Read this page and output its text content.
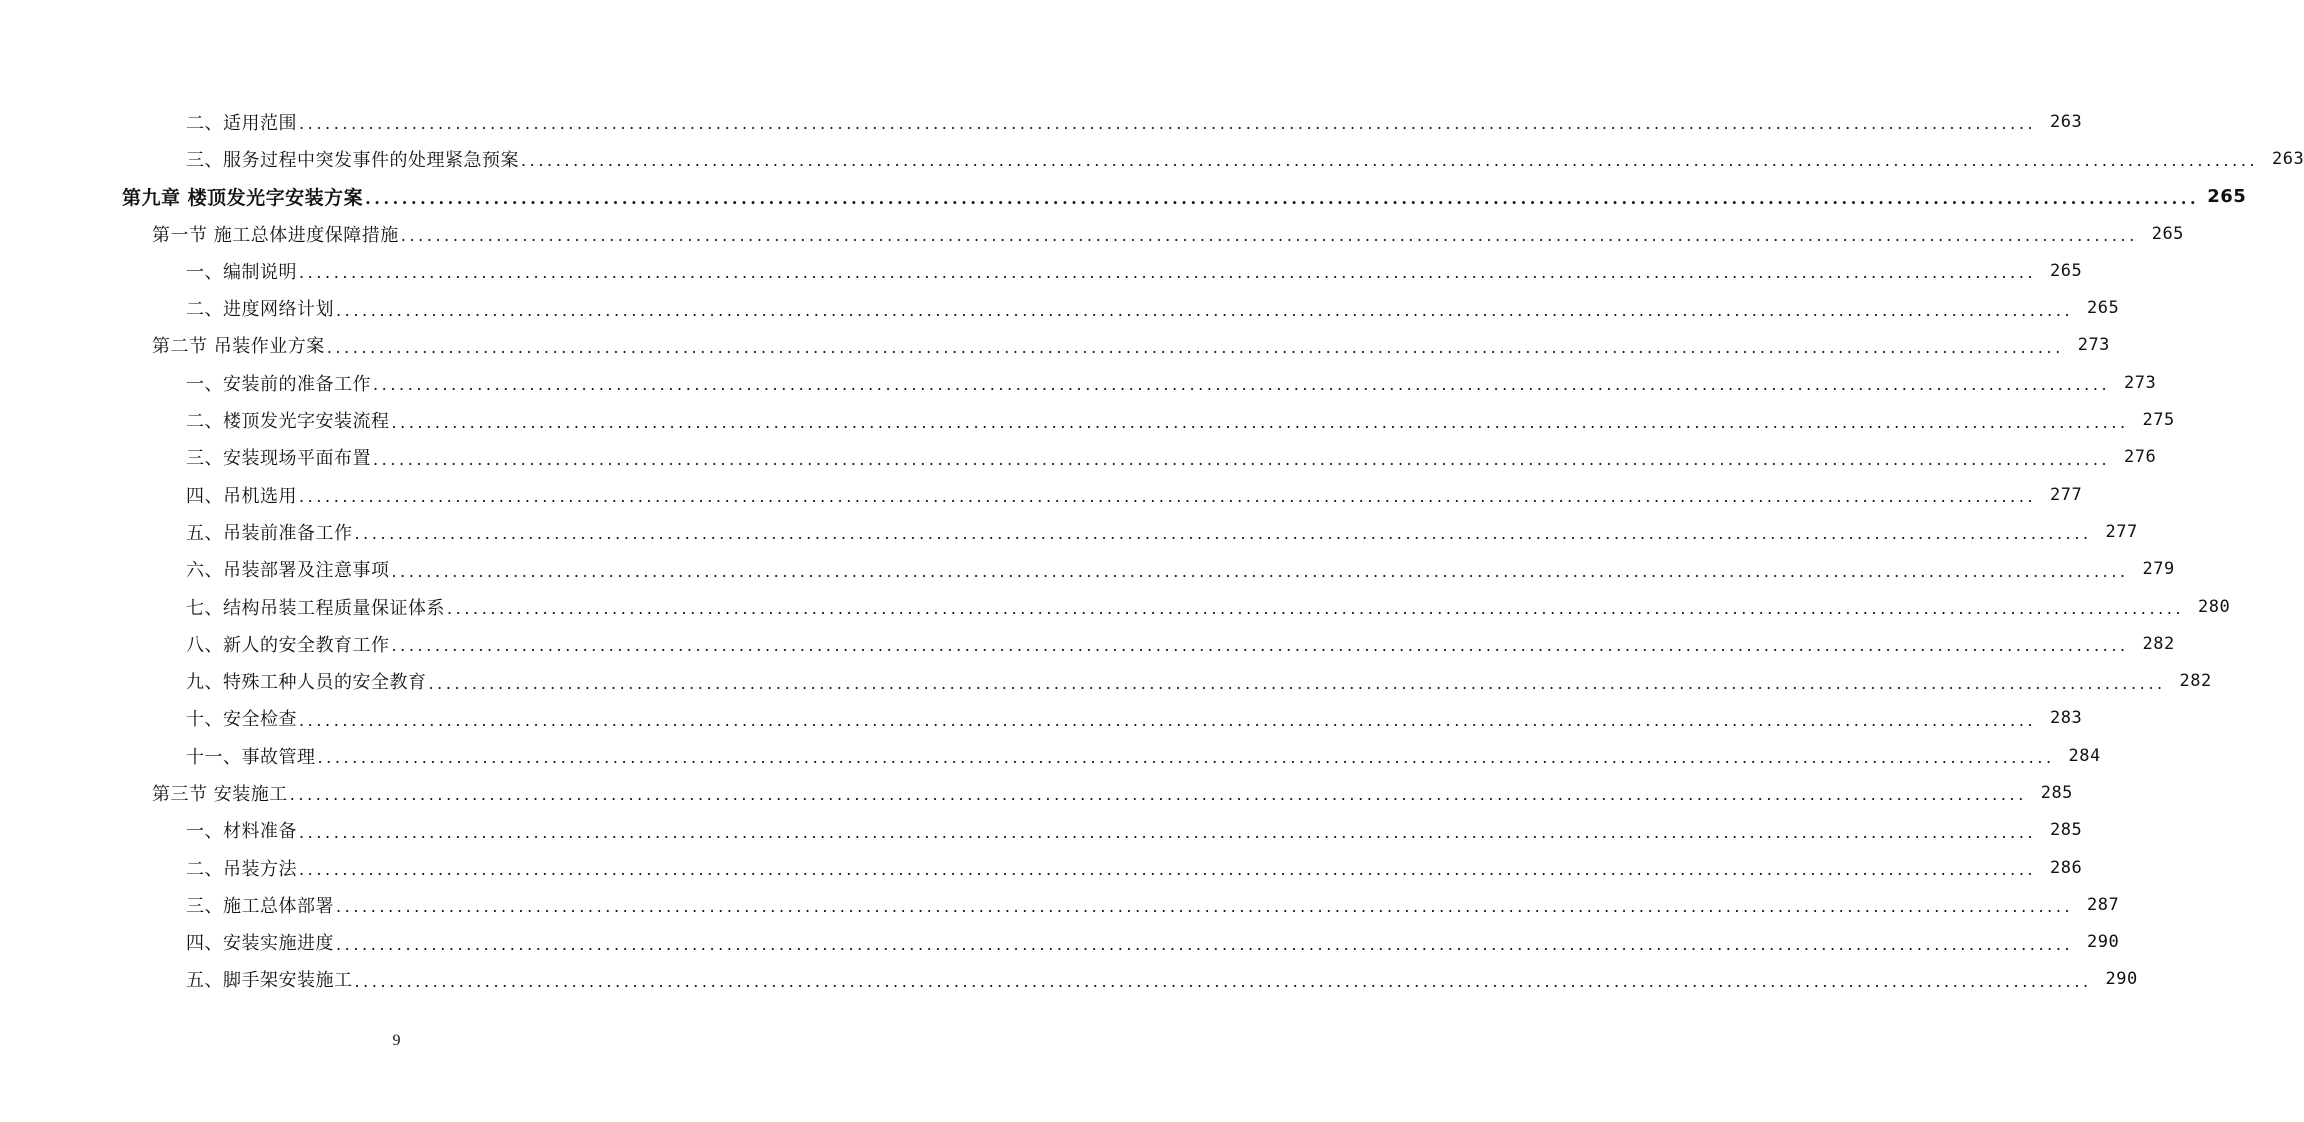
二、适用范围 ........................................................................................................................................................................................................ 263
三、服务过程中突发事件的处理紧急预案 ........................................................................................................................................................................................................ 263
第九章 楼顶发光字安装方案 ........................................................................................................................................................................................................ 265
第一节 施工总体进度保障措施 ........................................................................................................................................................................................................ 265
一、编制说明 ........................................................................................................................................................................................................ 265
二、进度网络计划 ........................................................................................................................................................................................................ 265
第二节 吊装作业方案 ........................................................................................................................................................................................................ 273
一、安装前的准备工作 ........................................................................................................................................................................................................ 273
二、楼顶发光字安装流程 ........................................................................................................................................................................................................ 275
三、安装现场平面布置 ........................................................................................................................................................................................................ 276
四、吊机选用 ........................................................................................................................................................................................................ 277
五、吊装前准备工作 ........................................................................................................................................................................................................ 277
六、吊装部署及注意事项 ........................................................................................................................................................................................................ 279
七、结构吊装工程质量保证体系 ........................................................................................................................................................................................................ 280
八、新人的安全教育工作 ........................................................................................................................................................................................................ 282
九、特殊工种人员的安全教育 ........................................................................................................................................................................................................ 282
十、安全检查 ........................................................................................................................................................................................................ 283
十一、事故管理 ........................................................................................................................................................................................................ 284
第三节 安装施工 ........................................................................................................................................................................................................ 285
一、材料准备 ........................................................................................................................................................................................................ 285
二、吊装方法 ........................................................................................................................................................................................................ 286
三、施工总体部署 ........................................................................................................................................................................................................ 287
四、安装实施进度 ........................................................................................................................................................................................................ 290
五、脚手架安装施工 ........................................................................................................................................................................................................ 290
9
